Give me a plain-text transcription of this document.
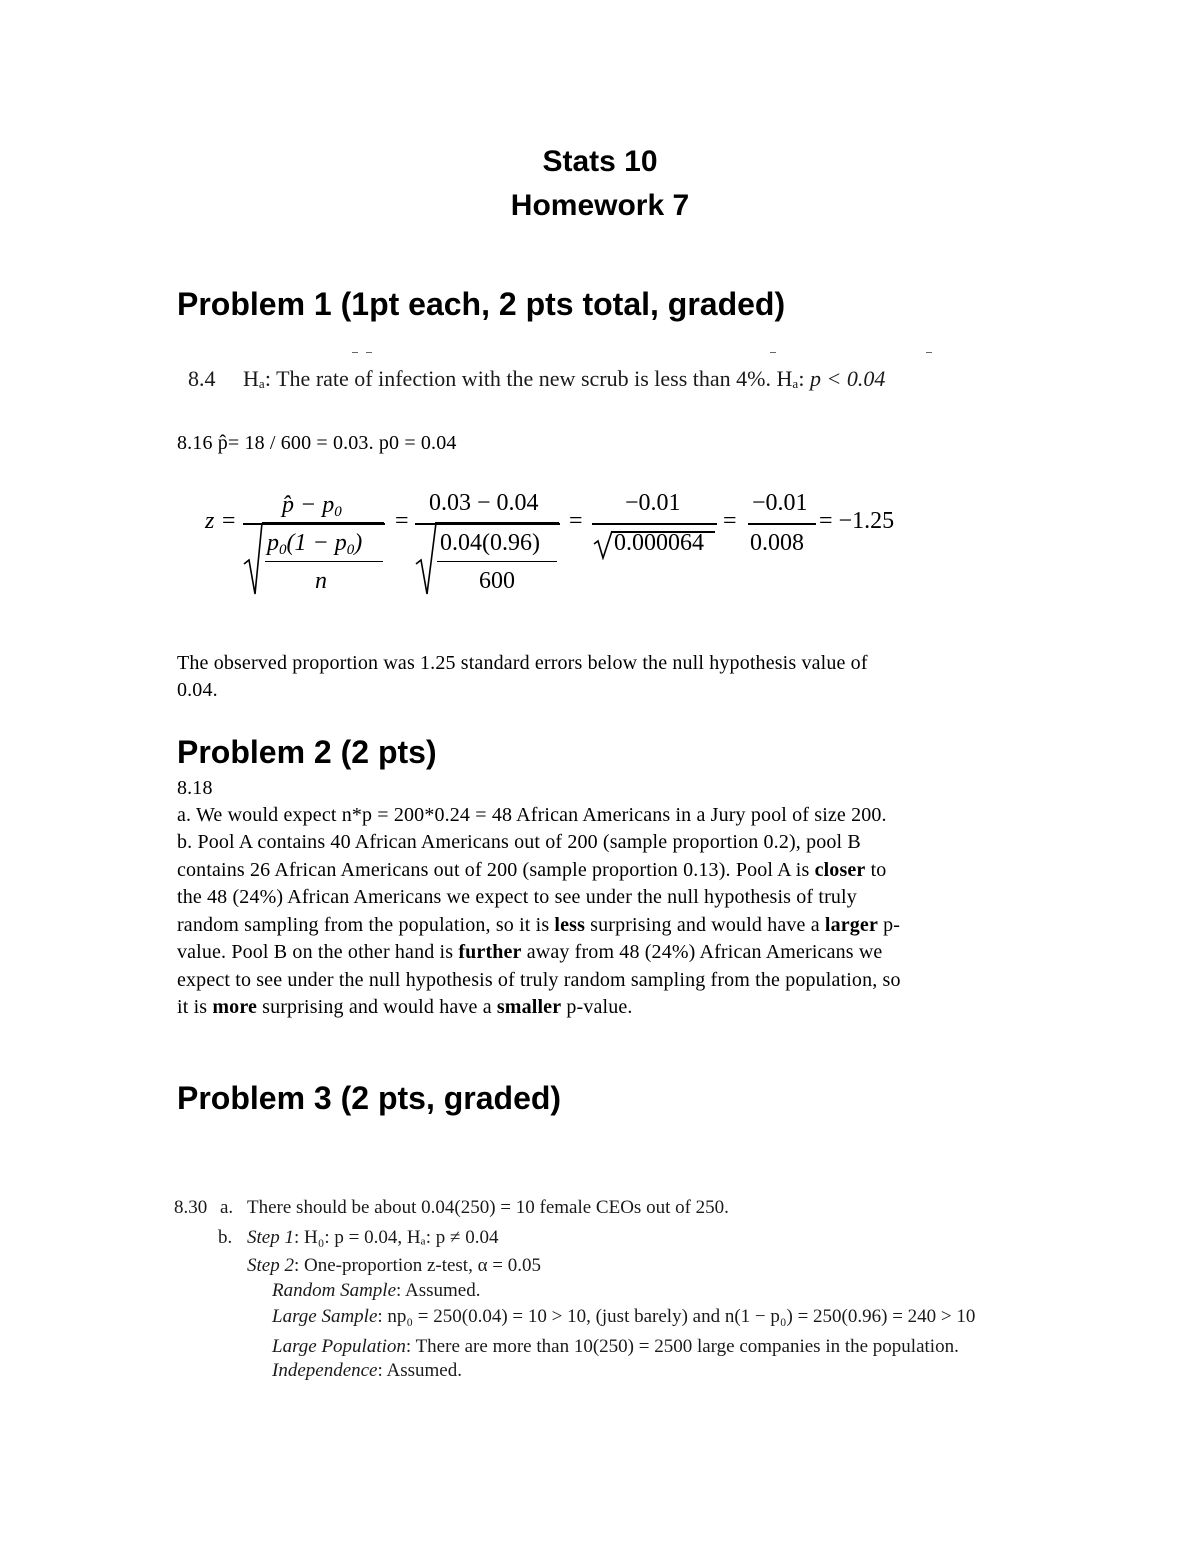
Stats 10
Homework 7
Problem 1 (1pt each, 2 pts total, graded)
8.4 Hₐ: The rate of infection with the new scrub is less than 4%. Hₐ: p < 0.04
8.16 p̂= 18 / 600 = 0.03. p0 = 0.04
z =
p̂ − $p_0$
$p_0(1 - p_0)$
n
=
0.03 − 0.04
0.04(0.96)
600
=
−0.01
0.000064
=
−0.01
0.008
= −1.25
The observed proportion was 1.25 standard errors below the null hypothesis value of
0.04.
Problem 2 (2 pts)
8.18
a. We would expect n*p = 200*0.24 = 48 African Americans in a Jury pool of size 200.
b. Pool A contains 40 African Americans out of 200 (sample proportion 0.2), pool B
contains 26 African Americans out of 200 (sample proportion 0.13). Pool A is closer to
the 48 (24%) African Americans we expect to see under the null hypothesis of truly
random sampling from the population, so it is less surprising and would have a larger p-
value. Pool B on the other hand is further away from 48 (24%) African Americans we
expect to see under the null hypothesis of truly random sampling from the population, so
it is more surprising and would have a smaller p-value.
Problem 3 (2 pts, graded)
8.30 a. There should be about 0.04(250) = 10 female CEOs out of 250.
b. Step 1: H₀: p = 0.04, Hₐ: p ≠ 0.04
Step 2: One-proportion z-test, α = 0.05
Random Sample: Assumed.
Large Sample: np₀ = 250(0.04) = 10 > 10, (just barely) and n(1 − p₀) = 250(0.96) = 240 > 10
Large Population: There are more than 10(250) = 2500 large companies in the population.
Independence: Assumed.
